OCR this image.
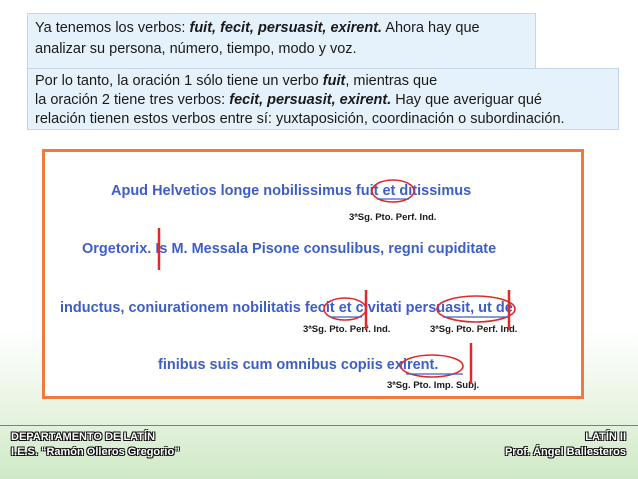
Ya tenemos los verbos: fuit, fecit, persuasit, exirent. Ahora hay que
analizar su persona, número, tiempo, modo y voz.
Por lo tanto, la oración 1 sólo tiene un verbo fuit, mientras que
la oración 2 tiene tres verbos: fecit, persuasit, exirent. Hay que averiguar qué
relación tienen estos verbos entre sí: yuxtaposición, coordinación o subordinación.
Apud Helvetios longe nobilissimus fuit et ditissimus
3ªSg. Pto. Perf. Ind.
Orgetorix. Is M. Messala Pisone consulibus, regni cupiditate
inductus, coniurationem nobilitatis fecit et civitati persuasit, ut de
3ªSg. Pto. Perf. Ind.	3ªSg. Pto. Perf. Ind.
finibus suis cum omnibus copiis exirent.
3ªSg. Pto. Imp. Subj.
DEPARTAMENTO DE LATÍN
I.E.S. “Ramón Olleros Gregorio”
LATÍN II
Prof. Ángel Ballesteros
